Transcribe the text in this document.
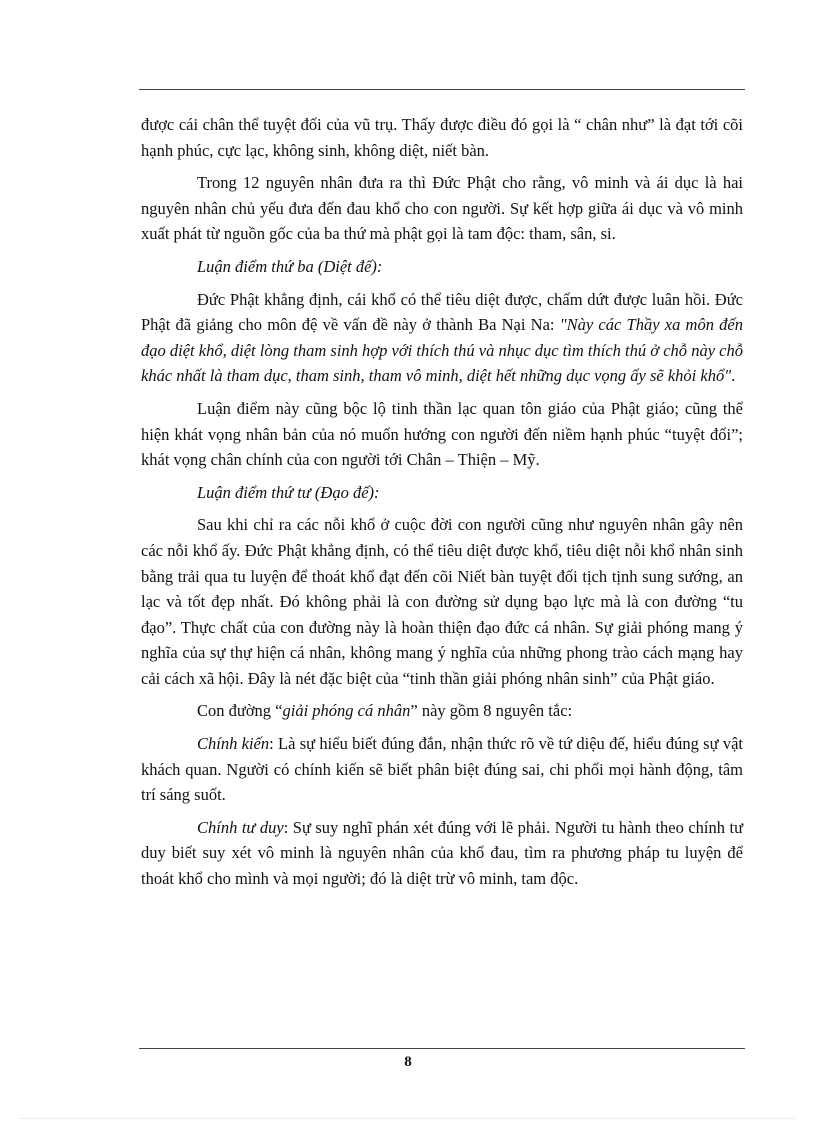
được cái chân thể tuyệt đối của vũ trụ. Thấy được điều đó gọi là “ chân như” là đạt tới cõi hạnh phúc, cực lạc, không sinh, không diệt, niết bàn.

Trong 12 nguyên nhân đưa ra thì Đức Phật cho rằng, vô minh và ái dục là hai nguyên nhân chủ yếu đưa đến đau khổ cho con người. Sự kết hợp giữa ái dục và vô minh xuất phát từ nguồn gốc của ba thứ mà phật gọi là tam độc: tham, sân, si.

Luận điểm thứ ba (Diệt đế):

Đức Phật khẳng định, cái khổ có thể tiêu diệt được, chấm dứt được luân hồi. Đức Phật đã giảng cho môn đệ về vấn đề này ở thành Ba Nại Na: "Này các Thầy xa môn đến đạo diệt khổ, diệt lòng tham sinh hợp với thích thú và nhục dục tìm thích thú ở chỗ này chỗ khác nhất là tham dục, tham sinh, tham vô minh, diệt hết những dục vọng ấy sẽ khỏi khổ".

Luận điểm này cũng bộc lộ tinh thần lạc quan tôn giáo của Phật giáo; cũng thể hiện khát vọng nhân bản của nó muốn hướng con người đến niềm hạnh phúc “tuyệt đối”; khát vọng chân chính của con người tới Chân – Thiện – Mỹ.

Luận điểm thứ tư (Đạo đế):

Sau khi chỉ ra các nỗi khổ ở cuộc đời con người cũng như nguyên nhân gây nên các nỗi khổ ấy. Đức Phật khẳng định, có thể tiêu diệt được khổ, tiêu diệt nỗi khổ nhân sinh bằng trải qua tu luyện để thoát khổ đạt đến cõi Niết bàn tuyệt đối tịch tịnh sung sướng, an lạc và tốt đẹp nhất. Đó không phải là con đường sử dụng bạo lực mà là con đường “tu đạo”. Thực chất của con đường này là hoàn thiện đạo đức cá nhân. Sự giải phóng mang ý nghĩa của sự thự hiện cá nhân, không mang ý nghĩa của những phong trào cách mạng hay cải cách xã hội. Đây là nét đặc biệt của “tinh thần giải phóng nhân sinh” của Phật giáo.

Con đường “giải phóng cá nhân” này gồm 8 nguyên tắc:

Chính kiến: Là sự hiểu biết đúng đắn, nhận thức rõ về tứ diệu đế, hiểu đúng sự vật khách quan. Người có chính kiến sẽ biết phân biệt đúng sai, chi phối mọi hành động, tâm trí sáng suốt.

Chính tư duy: Sự suy nghĩ phán xét đúng với lẽ phải. Người tu hành theo chính tư duy biết suy xét vô minh là nguyên nhân của khổ đau, tìm ra phương pháp tu luyện để thoát khổ cho mình và mọi người; đó là diệt trừ vô minh, tam độc.

8
